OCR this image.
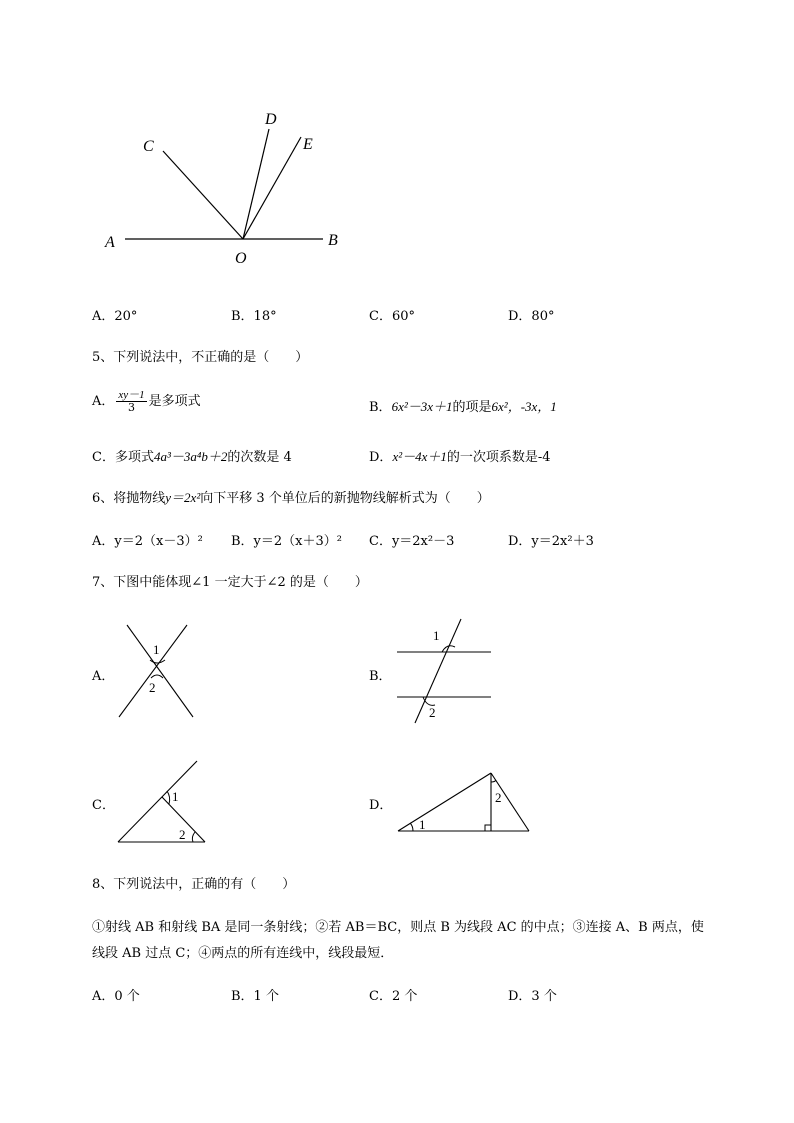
A	B
C
D
E
O
A．20°	B．18°	C．60°	D．80°
5、下列说法中，不正确的是（　　）
A． $\frac{xy-1}{3}$ 是多项式	B．6x²－3x＋1的项是6x²，-3x，1
C．多项式4a³－3a⁴b＋2的次数是 4	D．x²－4x＋1的一次项系数是-4
6、将抛物线y＝2x²向下平移 3 个单位后的新抛物线解析式为（　　）
A．y＝2（x－3）² B．y＝2（x＋3）² C．y＝2x²－3	D．y＝2x²＋3
7、下图中能体现∠1 一定大于∠2 的是（　　）
A．
1
2
B．
1
2
C．
1
2
D．
1
2
8、下列说法中，正确的有（　　）
①射线 AB 和射线 BA 是同一条射线；②若 AB＝BC，则点 B 为线段 AC 的中点；③连接 A、B 两点，使
线段 AB 过点 C；④两点的所有连线中，线段最短．
A．0 个	B．1 个	C．2 个	D．3 个
